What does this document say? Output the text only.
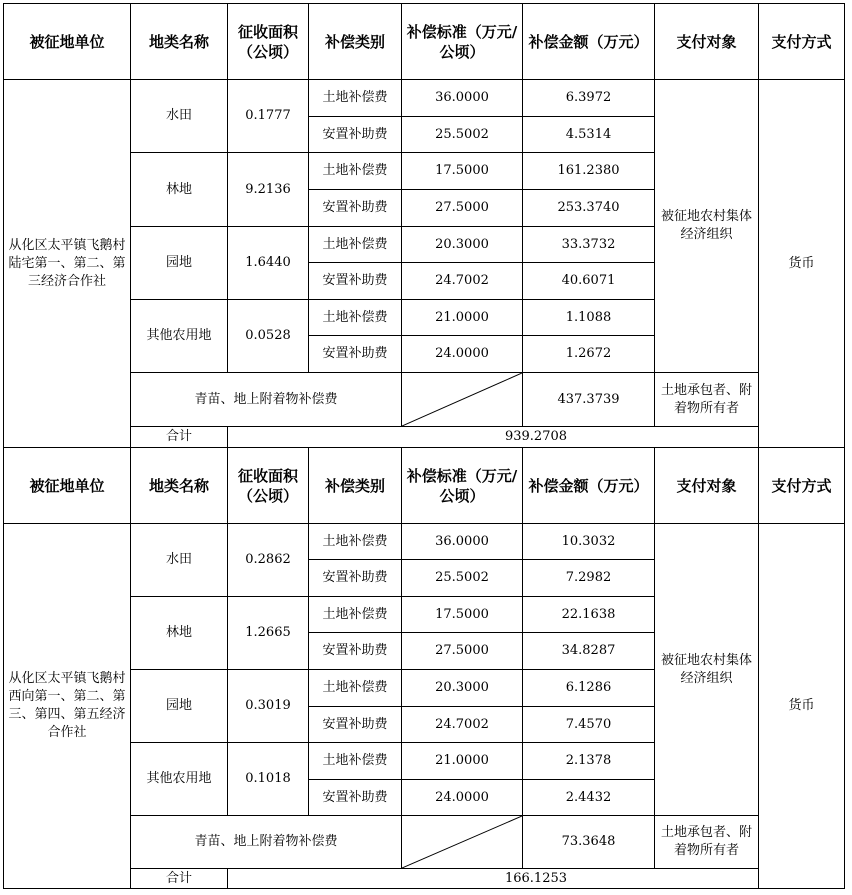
被征地单位	地类名称	征收面积（公顷）	补偿类别	补偿标准（万元/公顷）	补偿金额（万元）	支付对象	支付方式
从化区太平镇飞鹅村陆宅第一、第二、第三经济合作社	水田	0.1777	土地补偿费	36.0000	6.3972	被征地农村集体经济组织	货币
			安置补助费	25.5002	4.5314		
	林地	9.2136	土地补偿费	17.5000	161.2380		
			安置补助费	27.5000	253.3740		
	园地	1.6440	土地补偿费	20.3000	33.3732		
			安置补助费	24.7002	40.6071		
	其他农用地	0.0528	土地补偿费	21.0000	1.1088		
			安置补助费	24.0000	1.2672		
	青苗、地上附着物补偿费				437.3739	土地承包者、附着物所有者	
	合计	939.2708					
被征地单位	地类名称	征收面积（公顷）	补偿类别	补偿标准（万元/公顷）	补偿金额（万元）	支付对象	支付方式
从化区太平镇飞鹅村西向第一、第二、第三、第四、第五经济合作社	水田	0.2862	土地补偿费	36.0000	10.3032	被征地农村集体经济组织	货币
			安置补助费	25.5002	7.2982		
	林地	1.2665	土地补偿费	17.5000	22.1638		
			安置补助费	27.5000	34.8287		
	园地	0.3019	土地补偿费	20.3000	6.1286		
			安置补助费	24.7002	7.4570		
	其他农用地	0.1018	土地补偿费	21.0000	2.1378		
			安置补助费	24.0000	2.4432		
	青苗、地上附着物补偿费				73.3648	土地承包者、附着物所有者	
	合计	166.1253					
